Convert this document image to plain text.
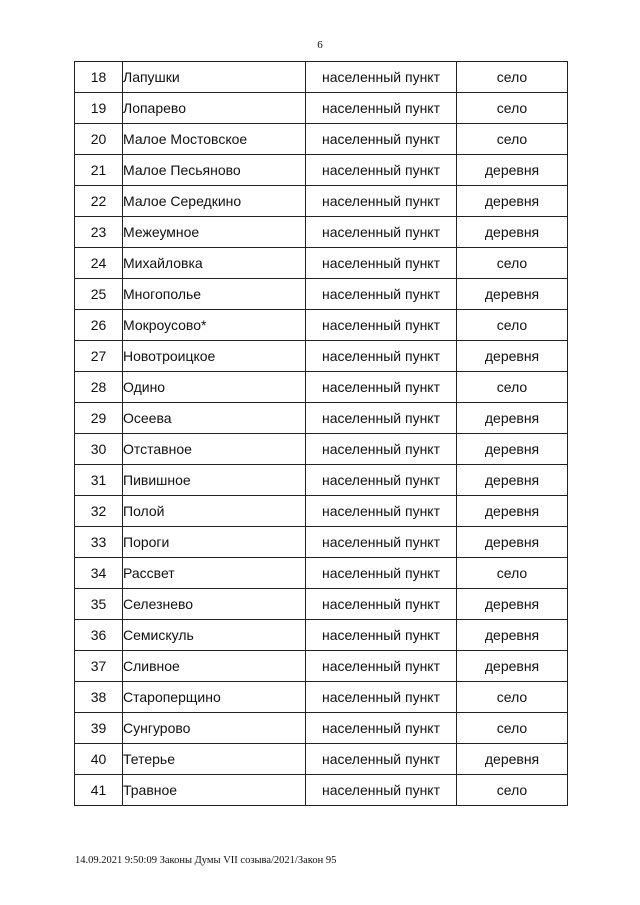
6
18	Лапушки	населенный пункт	село
19	Лопарево	населенный пункт	село
20	Малое Мостовское	населенный пункт	село
21	Малое Песьяново	населенный пункт	деревня
22	Малое Середкино	населенный пункт	деревня
23	Межеумное	населенный пункт	деревня
24	Михайловка	населенный пункт	село
25	Многополье	населенный пункт	деревня
26	Мокроусово*	населенный пункт	село
27	Новотроицкое	населенный пункт	деревня
28	Одино	населенный пункт	село
29	Осеева	населенный пункт	деревня
30	Отставное	населенный пункт	деревня
31	Пивишное	населенный пункт	деревня
32	Полой	населенный пункт	деревня
33	Пороги	населенный пункт	деревня
34	Рассвет	населенный пункт	село
35	Селезнево	населенный пункт	деревня
36	Семискуль	населенный пункт	деревня
37	Сливное	населенный пункт	деревня
38	Староперщино	населенный пункт	село
39	Сунгурово	населенный пункт	село
40	Тетерье	населенный пункт	деревня
41	Травное	населенный пункт	село
14.09.2021 9:50:09 Законы Думы VII созыва/2021/Закон 95
